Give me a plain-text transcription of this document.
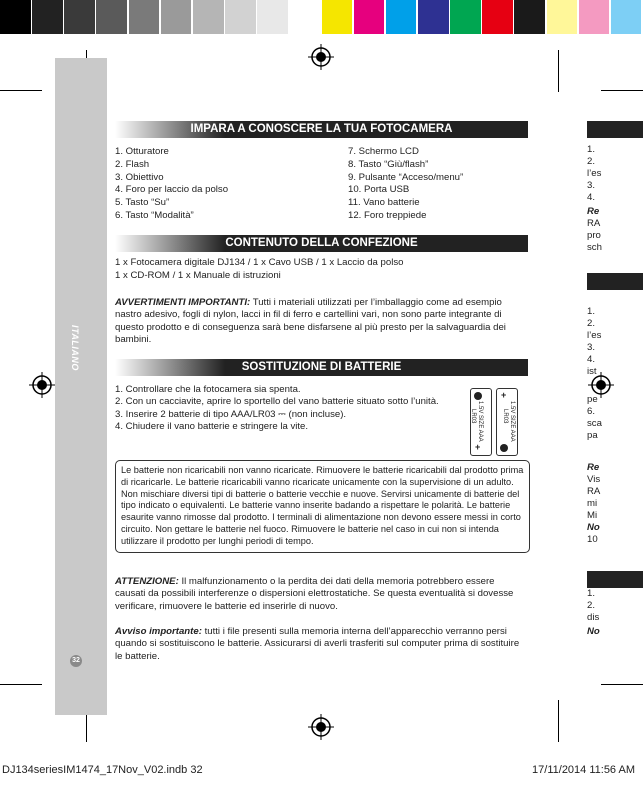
ITALIANO
32
IMPARA A CONOSCERE LA TUA FOTOCAMERA
1. Otturatore
2. Flash
3. Obiettivo
4. Foro per laccio da polso
5. Tasto “Su”
6. Tasto “Modalità”
7. Schermo LCD
8. Tasto “Giù/flash”
9. Pulsante “Acceso/menu”
10. Porta USB
11. Vano batterie
12. Foro treppiede
CONTENUTO DELLA CONFEZIONE
1 x Fotocamera digitale DJ134 / 1 x Cavo USB / 1 x Laccio da polso
1 x CD-ROM / 1 x Manuale di istruzioni
AVVERTIMENTI IMPORTANTI: Tutti i materiali utilizzati per l’imballaggio come ad esempio nastro adesivo, fogli di nylon, lacci in fil di ferro e cartellini vari, non sono parte integrante di questo prodotto e di conseguenza sarà bene disfarsene al più presto per la salvaguardia dei bambini.
SOSTITUZIONE DI BATTERIE
1. Controllare che la fotocamera sia spenta.
2. Con un cacciavite, aprire lo sportello del vano batterie situato sotto l’unità.
3. Inserire 2 batterie di tipo AAA/LR03 ⎓ (non incluse).
4. Chiudere il vano batterie e stringere la vite.	1.5V SIZE AAA
LR03
+
+
1.5V SIZE AAA
LR03
Le batterie non ricaricabili non vanno ricaricate. Rimuovere le batterie ricaricabili dal prodotto prima di ricaricarle. Le batterie ricaricabili vanno ricaricate unicamente con la supervisione di un adulto. Non mischiare diversi tipi di batterie o batterie vecchie e nuove. Servirsi unicamente di batterie del tipo indicato o equivalenti. Le batterie vanno inserite badando a rispettare le polarità. Le batterie esaurite vanno rimosse dal prodotto. I terminali di alimentazione non devono essere messi in corto circuito. Non gettare le batterie nel fuoco. Rimuovere le batterie nel caso in cui non si intenda utilizzare il prodotto per lunghi periodi di tempo.
ATTENZIONE: Il malfunzionamento o la perdita dei dati della memoria potrebbero essere causati da possibili interferenze o dispersioni elettrostatiche. Se questa eventualità si dovesse verificare, rimuovere le batterie ed inserirle di nuovo.
Avviso importante: tutti i file presenti sulla memoria interna dell’apparecchio verranno persi quando si sostituiscono le batterie. Assicurarsi di averli trasferiti sul computer prima di sostituire le batterie.
1.
2.
l’es
3.
4.
Re
RA
pro
sch
1.
2.
l’es
3.
4.
ist
pe
6.
sca
pa
Re
Vis
RA
mi
Mi
No
10
1.
2.
dis
No
DJ134seriesIM1474_17Nov_V02.indb 32	17/11/2014 11:56 AM
